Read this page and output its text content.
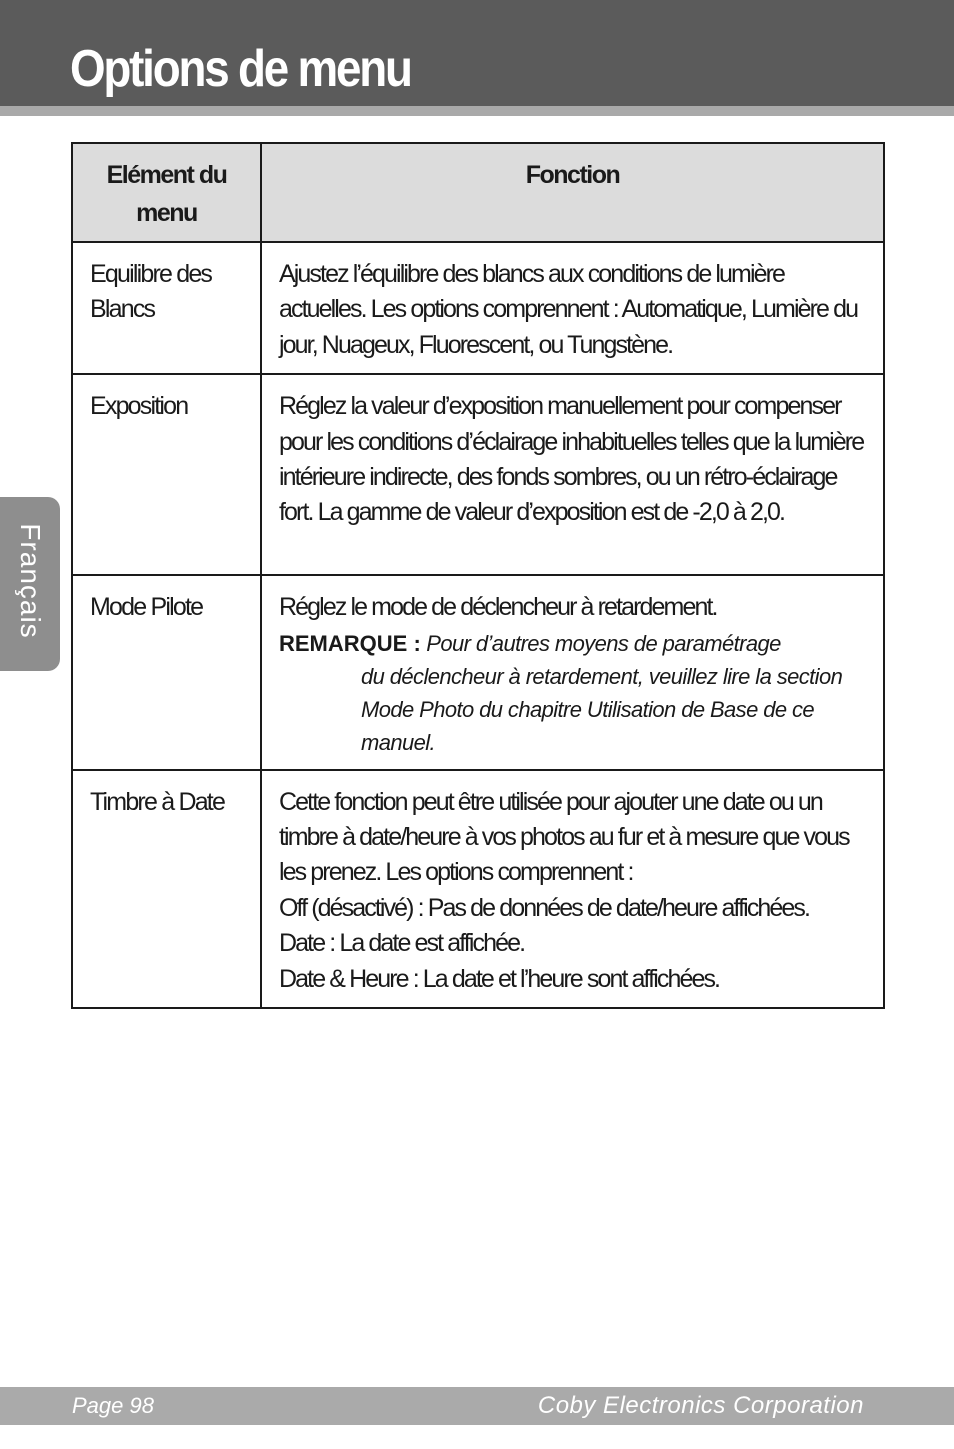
Options de menu
Français
Elément du menu	Fonction
Equilibre des Blancs	Ajustez l’équilibre des blancs aux conditions de lumière actuelles. Les options comprennent : Automatique, Lumière du jour, Nuageux, Fluorescent, ou Tungstène.
Exposition	Réglez la valeur d’exposition manuellement pour compenser pour les conditions d’éclairage inhabituelles telles que la lumière intérieure indirecte, des fonds sombres, ou un rétro-éclairage fort. La gamme de valeur d’exposition est de -2,0 à 2,0.
Mode Pilote	Réglez le mode de déclencheur à retardement.

REMARQUE : Pour d’autres moyens de paramétrage
du déclencheur à retardement, veuillez lire la section Mode Photo du chapitre Utilisation de Base de ce manuel.

Timbre à Date	Cette fonction peut être utilisée pour ajouter une date ou un timbre à date/heure à vos photos au fur et à mesure que vous les prenez. Les options comprennent :

Off (désactivé) : Pas de données de date/heure affichées.

Date : La date est affichée.

Date & Heure : La date et l’heure sont affichées.

Page 98	Coby Electronics Corporation
